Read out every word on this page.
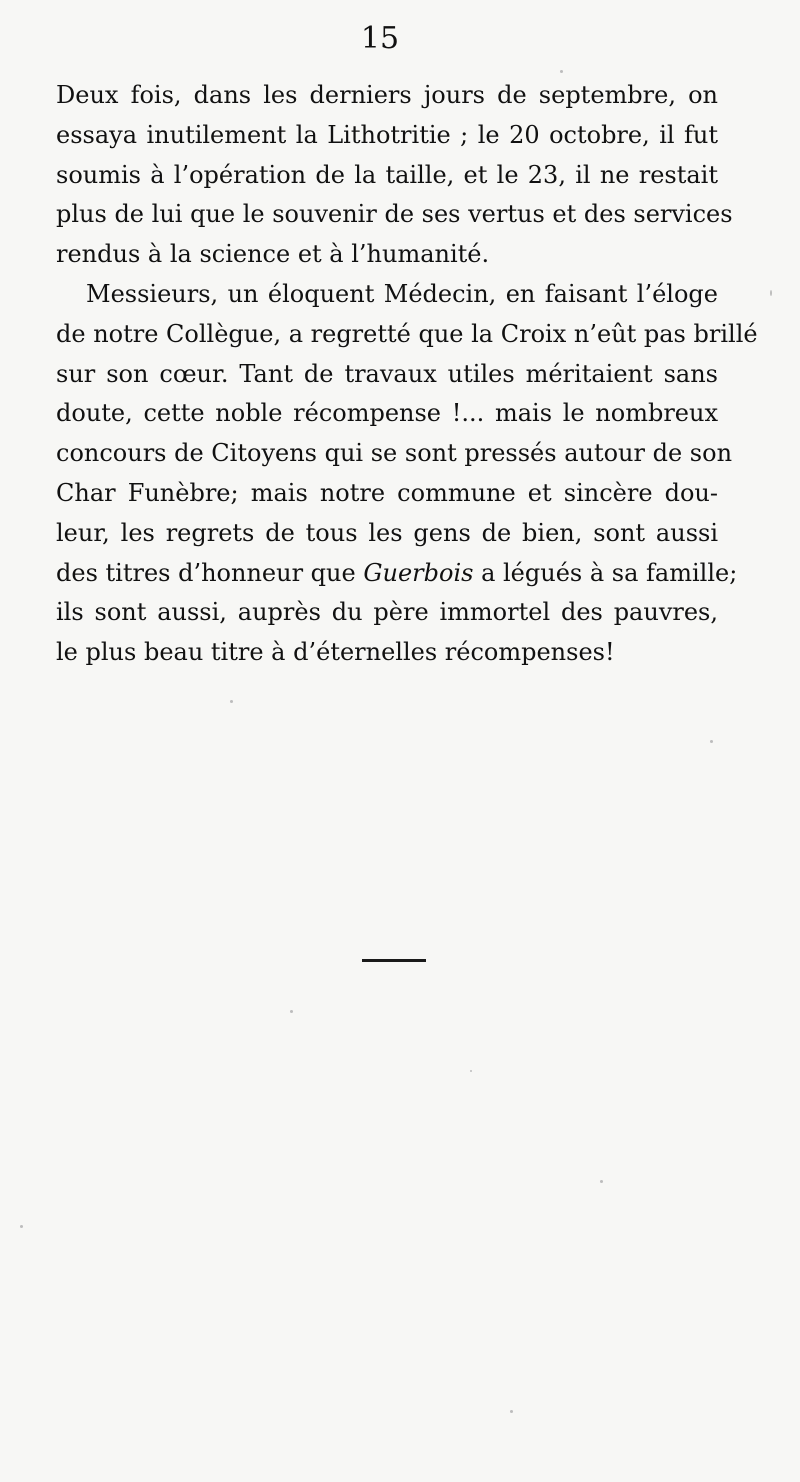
15
Deux fois, dans les derniers jours de septembre, on
essaya inutilement la Lithotritie ; le 20 octobre, il fut
soumis à l’opération de la taille, et le 23, il ne restait
plus de lui que le souvenir de ses vertus et des services
rendus à la science et à l’humanité.
Messieurs, un éloquent Médecin, en faisant l’éloge
de notre Collègue, a regretté que la Croix n’eût pas brillé
sur son cœur. Tant de travaux utiles méritaient sans
doute, cette noble récompense !... mais le nombreux
concours de Citoyens qui se sont pressés autour de son
Char Funèbre; mais notre commune et sincère dou-
leur, les regrets de tous les gens de bien, sont aussi
des titres d’honneur que Guerbois a légués à sa famille;
ils sont aussi, auprès du père immortel des pauvres,
le plus beau titre à d’éternelles récompenses!
